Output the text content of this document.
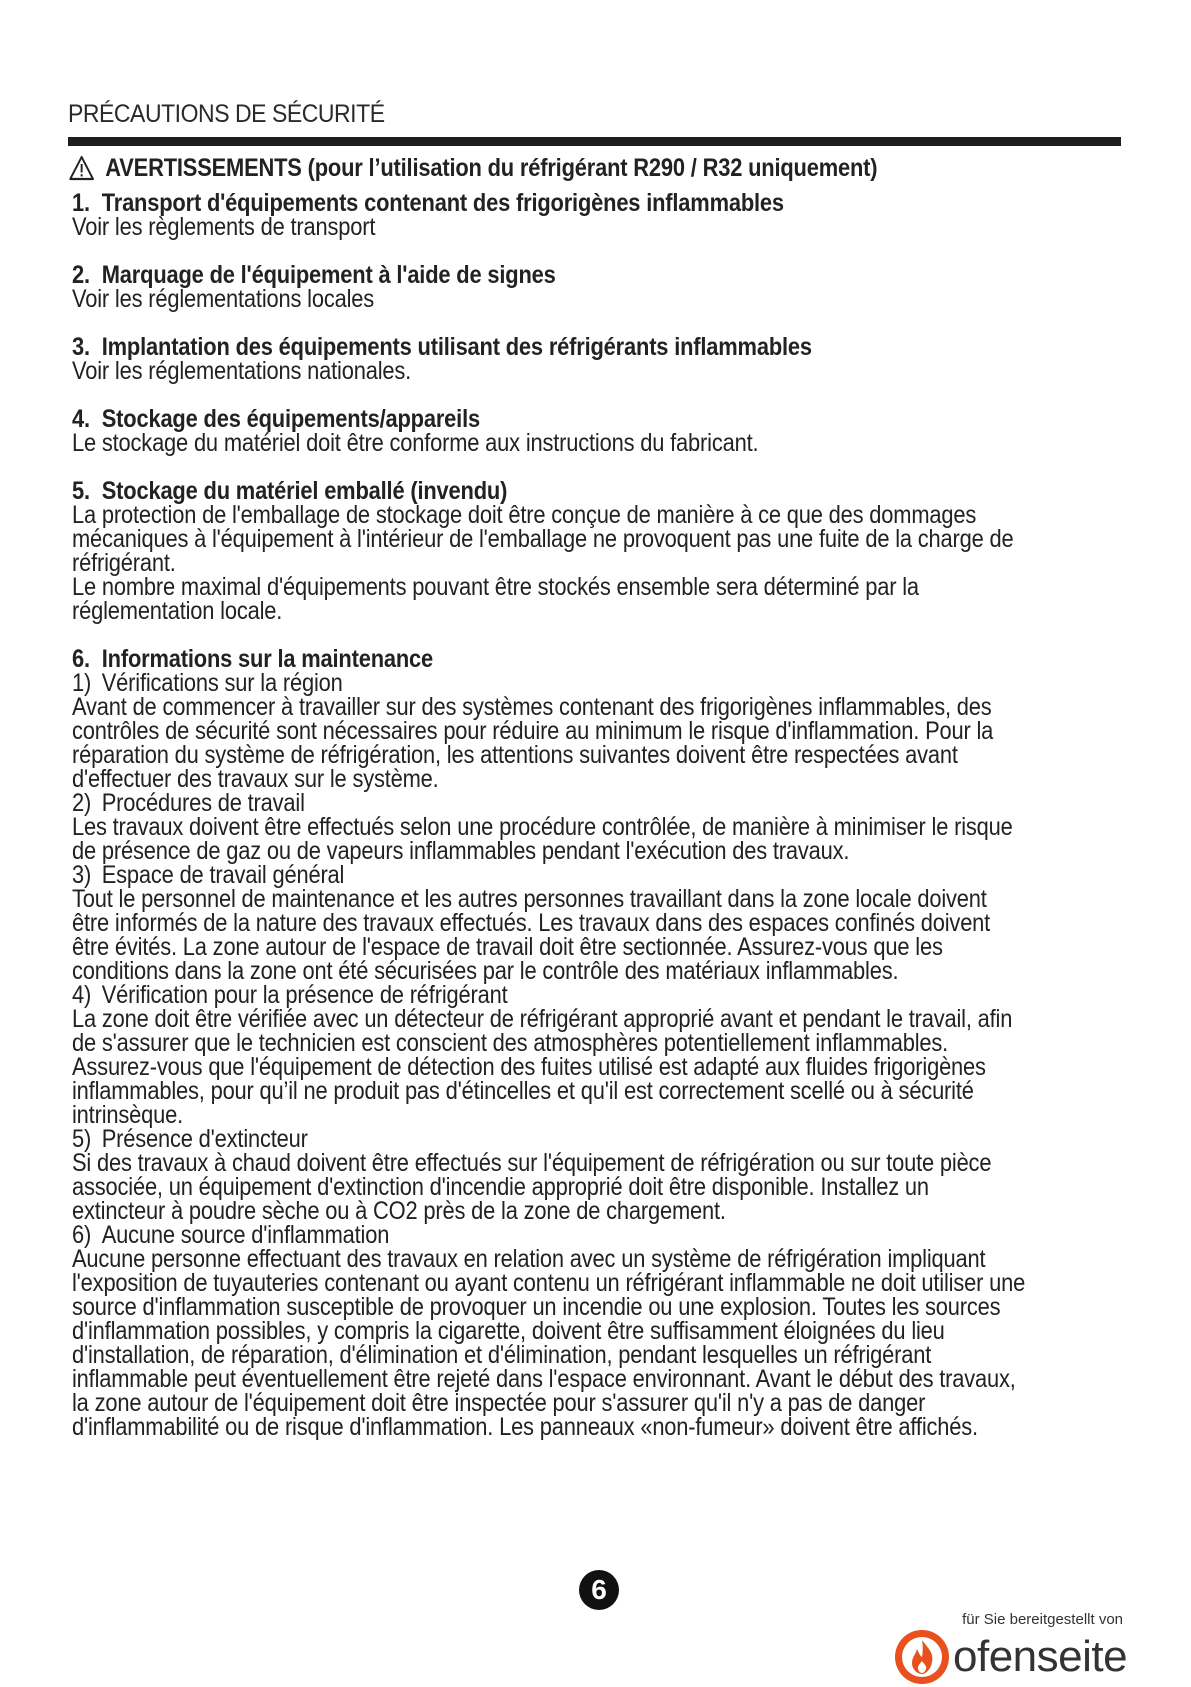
PRÉCAUTIONS DE SÉCURITÉ
AVERTISSEMENTS (pour l’utilisation du réfrigérant R290 / R32 uniquement)
1. Transport d'équipements contenant des frigorigènes inflammables

Voir les règlements de transport

2. Marquage de l'équipement à l'aide de signes

Voir les réglementations locales

3. Implantation des équipements utilisant des réfrigérants inflammables

Voir les réglementations nationales.

4. Stockage des équipements/appareils

Le stockage du matériel doit être conforme aux instructions du fabricant.

5. Stockage du matériel emballé (invendu)

La protection de l'emballage de stockage doit être conçue de manière à ce que des dommages

mécaniques à l'équipement à l'intérieur de l'emballage ne provoquent pas une fuite de la charge de

réfrigérant.

Le nombre maximal d'équipements pouvant être stockés ensemble sera déterminé par la

réglementation locale.

6. Informations sur la maintenance
1) Vérifications sur la région

Avant de commencer à travailler sur des systèmes contenant des frigorigènes inflammables, des

contrôles de sécurité sont nécessaires pour réduire au minimum le risque d'inflammation. Pour la

réparation du système de réfrigération, les attentions suivantes doivent être respectées avant

d'effectuer des travaux sur le système.

2) Procédures de travail

Les travaux doivent être effectués selon une procédure contrôlée, de manière à minimiser le risque

de présence de gaz ou de vapeurs inflammables pendant l'exécution des travaux.

3) Espace de travail général

Tout le personnel de maintenance et les autres personnes travaillant dans la zone locale doivent

être informés de la nature des travaux effectués. Les travaux dans des espaces confinés doivent

être évités. La zone autour de l'espace de travail doit être sectionnée. Assurez-vous que les

conditions dans la zone ont été sécurisées par le contrôle des matériaux inflammables.

4) Vérification pour la présence de réfrigérant

La zone doit être vérifiée avec un détecteur de réfrigérant approprié avant et pendant le travail, afin

de s'assurer que le technicien est conscient des atmosphères potentiellement inflammables.

Assurez-vous que l'équipement de détection des fuites utilisé est adapté aux fluides frigorigènes

inflammables, pour qu’il ne produit pas d'étincelles et qu'il est correctement scellé ou à sécurité

intrinsèque.

5) Présence d'extincteur

Si des travaux à chaud doivent être effectués sur l'équipement de réfrigération ou sur toute pièce

associée, un équipement d'extinction d'incendie approprié doit être disponible. Installez un

extincteur à poudre sèche ou à CO2 près de la zone de chargement.

6) Aucune source d'inflammation

Aucune personne effectuant des travaux en relation avec un système de réfrigération impliquant

l'exposition de tuyauteries contenant ou ayant contenu un réfrigérant inflammable ne doit utiliser une

source d'inflammation susceptible de provoquer un incendie ou une explosion. Toutes les sources

d'inflammation possibles, y compris la cigarette, doivent être suffisamment éloignées du lieu

d'installation, de réparation, d'élimination et d'élimination, pendant lesquelles un réfrigérant

inflammable peut éventuellement être rejeté dans l'espace environnant. Avant le début des travaux,

la zone autour de l'équipement doit être inspectée pour s'assurer qu'il n'y a pas de danger

d'inflammabilité ou de risque d'inflammation. Les panneaux «non-fumeur» doivent être affichés.

6
für Sie bereitgestellt von
ofenseite
